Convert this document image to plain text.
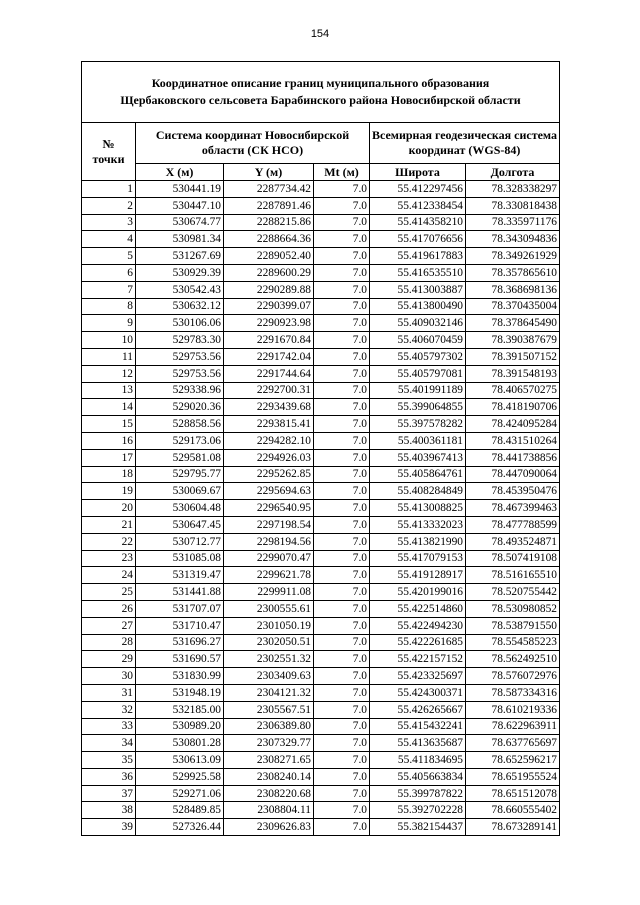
154
Координатное описание границ муниципального образования
Щербаковского сельсовета Барабинского района Новосибирской области					

№
точки	Система координат Новосибирской области (СК НСО)			Всемирная геодезическая система координат (WGS-84)	
	X (м)	Y (м)	Mt (м)	Широта	Долгота
1	530441.19	2287734.42	7.0	55.412297456	78.328338297
2	530447.10	2287891.46	7.0	55.412338454	78.330818438
3	530674.77	2288215.86	7.0	55.414358210	78.335971176
4	530981.34	2288664.36	7.0	55.417076656	78.343094836
5	531267.69	2289052.40	7.0	55.419617883	78.349261929
6	530929.39	2289600.29	7.0	55.416535510	78.357865610
7	530542.43	2290289.88	7.0	55.413003887	78.368698136
8	530632.12	2290399.07	7.0	55.413800490	78.370435004
9	530106.06	2290923.98	7.0	55.409032146	78.378645490
10	529783.30	2291670.84	7.0	55.406070459	78.390387679
11	529753.56	2291742.04	7.0	55.405797302	78.391507152
12	529753.56	2291744.64	7.0	55.405797081	78.391548193
13	529338.96	2292700.31	7.0	55.401991189	78.406570275
14	529020.36	2293439.68	7.0	55.399064855	78.418190706
15	528858.56	2293815.41	7.0	55.397578282	78.424095284
16	529173.06	2294282.10	7.0	55.400361181	78.431510264
17	529581.08	2294926.03	7.0	55.403967413	78.441738856
18	529795.77	2295262.85	7.0	55.405864761	78.447090064
19	530069.67	2295694.63	7.0	55.408284849	78.453950476
20	530604.48	2296540.95	7.0	55.413008825	78.467399463
21	530647.45	2297198.54	7.0	55.413332023	78.477788599
22	530712.77	2298194.56	7.0	55.413821990	78.493524871
23	531085.08	2299070.47	7.0	55.417079153	78.507419108
24	531319.47	2299621.78	7.0	55.419128917	78.516165510
25	531441.88	2299911.08	7.0	55.420199016	78.520755442
26	531707.07	2300555.61	7.0	55.422514860	78.530980852
27	531710.47	2301050.19	7.0	55.422494230	78.538791550
28	531696.27	2302050.51	7.0	55.422261685	78.554585223
29	531690.57	2302551.32	7.0	55.422157152	78.562492510
30	531830.99	2303409.63	7.0	55.423325697	78.576072976
31	531948.19	2304121.32	7.0	55.424300371	78.587334316
32	532185.00	2305567.51	7.0	55.426265667	78.610219336
33	530989.20	2306389.80	7.0	55.415432241	78.622963911
34	530801.28	2307329.77	7.0	55.413635687	78.637765697
35	530613.09	2308271.65	7.0	55.411834695	78.652596217
36	529925.58	2308240.14	7.0	55.405663834	78.651955524
37	529271.06	2308220.68	7.0	55.399787822	78.651512078
38	528489.85	2308804.11	7.0	55.392702228	78.660555402
39	527326.44	2309626.83	7.0	55.382154437	78.673289141
